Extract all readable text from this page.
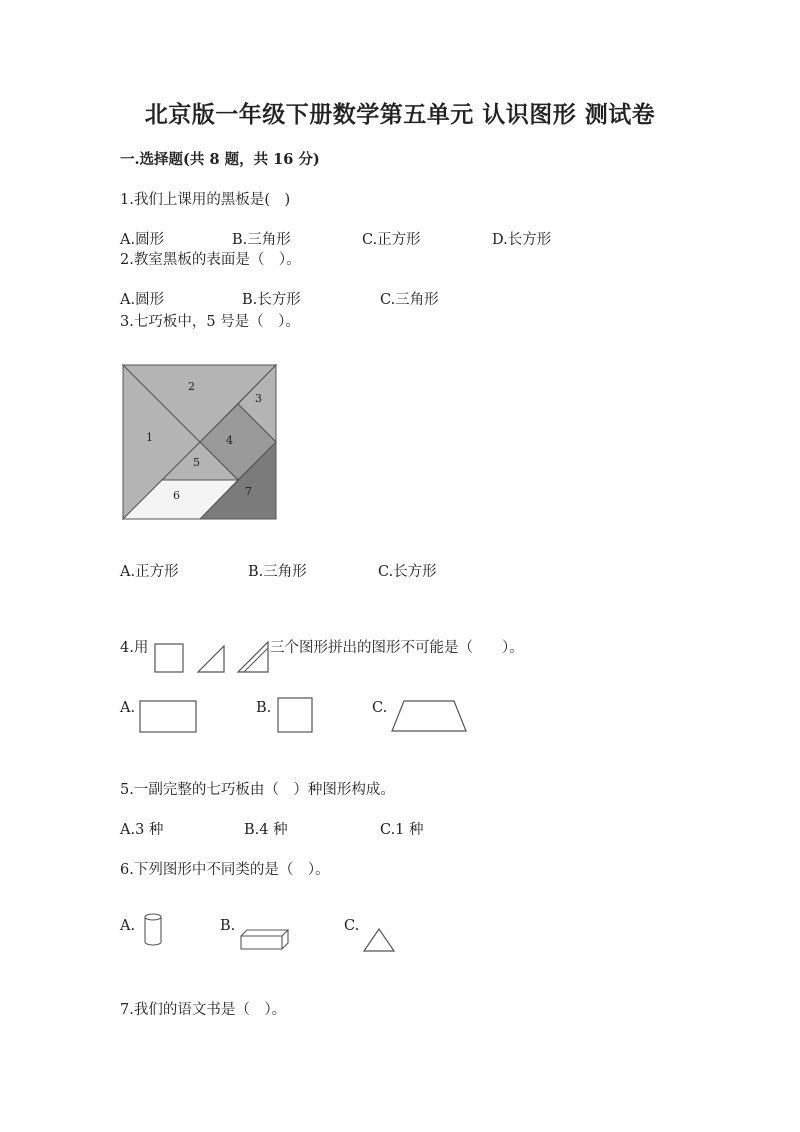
北京版一年级下册数学第五单元 认识图形 测试卷
一.选择题(共 8 题，共 16 分)
1.我们上课用的黑板是(　)
A.圆形	B.三角形	C.正方形	D.长方形
2.教室黑板的表面是（　）。
A.圆形	B.长方形	C.三角形
3.七巧板中，5 号是（　）。
1
2
3
4
5
6	7
A.正方形	B.三角形	C.长方形
4.用	三个图形拼出的图形不可能是（　　）。
A.	B.	C.
5.一副完整的七巧板由（　）种图形构成。
A.3 种	B.4 种	C.1 种
6.下列图形中不同类的是（　）。
A.	B.	C.
7.我们的语文书是（　）。
